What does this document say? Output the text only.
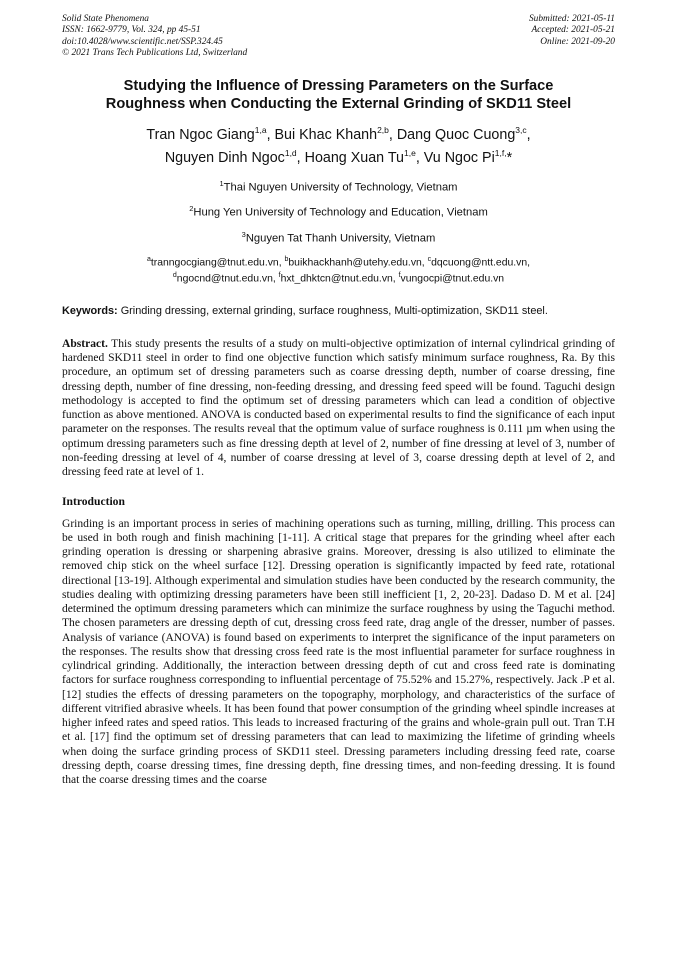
Solid State Phenomena
ISSN: 1662-9779, Vol. 324, pp 45-51
doi:10.4028/www.scientific.net/SSP.324.45
© 2021 Trans Tech Publications Ltd, Switzerland
Submitted: 2021-05-11
Accepted: 2021-05-21
Online: 2021-09-20
Studying the Influence of Dressing Parameters on the Surface
Roughness when Conducting the External Grinding of SKD11 Steel
Tran Ngoc Giang$^{1,a}$, Bui Khac Khanh$^{2,b}$, Dang Quoc Cuong$^{3,c}$,
Nguyen Dinh Ngoc$^{1,d}$, Hoang Xuan Tu$^{1,e}$, Vu Ngoc $Pi^{1,f,}*$
$^1$Thai Nguyen University of Technology, Vietnam
$^2$Hung Yen University of Technology and Education, Vietnam
$^3$Nguyen Tat Thanh University, Vietnam
$^a$tranngocgiang@tnut.edu.vn, $^b$buikhackhanh@utehy.edu.vn, $^c$dqcuong@ntt.edu.vn,
$^d$ngocnd@tnut.edu.vn, $^f$hxt_dhktcn@tnut.edu.vn, $^f$vungocpi@tnut.edu.vn
Keywords: Grinding dressing, external grinding, surface roughness, Multi-optimization, SKD11 steel.
Abstract. This study presents the results of a study on multi-objective optimization of internal cylindrical grinding of hardened SKD11 steel in order to find one objective function which satisfy minimum surface roughness, Ra. By this procedure, an optimum set of dressing parameters such as coarse dressing depth, number of coarse dressing, fine dressing depth, number of fine dressing, non-feeding dressing, and dressing feed speed will be found. Taguchi design methodology is accepted to find the optimum set of dressing parameters which can lead a condition of objective function as above mentioned. ANOVA is conducted based on experimental results to find the significance of each input parameter on the responses. The results reveal that the optimum value of surface roughness is 0.111 µm when using the optimum dressing parameters such as fine dressing depth at level of 2, number of fine dressing at level of 3, number of non-feeding dressing at level of 4, number of coarse dressing at level of 3, coarse dressing depth at level of 2, and dressing feed rate at level of 1.
Introduction
Grinding is an important process in series of machining operations such as turning, milling, drilling. This process can be used in both rough and finish machining [1-11]. A critical stage that prepares for the grinding wheel after each grinding operation is dressing or sharpening abrasive grains. Moreover, dressing is also utilized to eliminate the removed chip stick on the wheel surface [12]. Dressing operation is significantly impacted by feed rate, rotational directional [13-19]. Although experimental and simulation studies have been conducted by the research community, the studies dealing with optimizing dressing parameters have been still inefficient [1, 2, 20-23]. Dadaso D. M et al. [24] determined the optimum dressing parameters which can minimize the surface roughness by using the Taguchi method. The chosen parameters are dressing depth of cut, dressing cross feed rate, drag angle of the dresser, number of passes. Analysis of variance (ANOVA) is found based on experiments to interpret the significance of the input parameters on the responses. The results show that dressing cross feed rate is the most influential parameter for surface roughness in cylindrical grinding. Additionally, the interaction between dressing depth of cut and cross feed rate is dominating factors for surface roughness corresponding to influential percentage of 75.52% and 15.27%, respectively. Jack .P et al. [12] studies the effects of dressing parameters on the topography, morphology, and characteristics of the surface of different vitrified abrasive wheels. It has been found that power consumption of the grinding wheel spindle increases at higher infeed rates and speed ratios. This leads to increased fracturing of the grains and whole-grain pull out. Tran T.H et al. [17] find the optimum set of dressing parameters that can lead to maximizing the lifetime of grinding wheels when doing the surface grinding process of SKD11 steel. Dressing parameters including dressing feed rate, coarse dressing depth, coarse dressing times, fine dressing depth, fine dressing times, and non-feeding dressing. It is found that the coarse dressing times and the coarse
